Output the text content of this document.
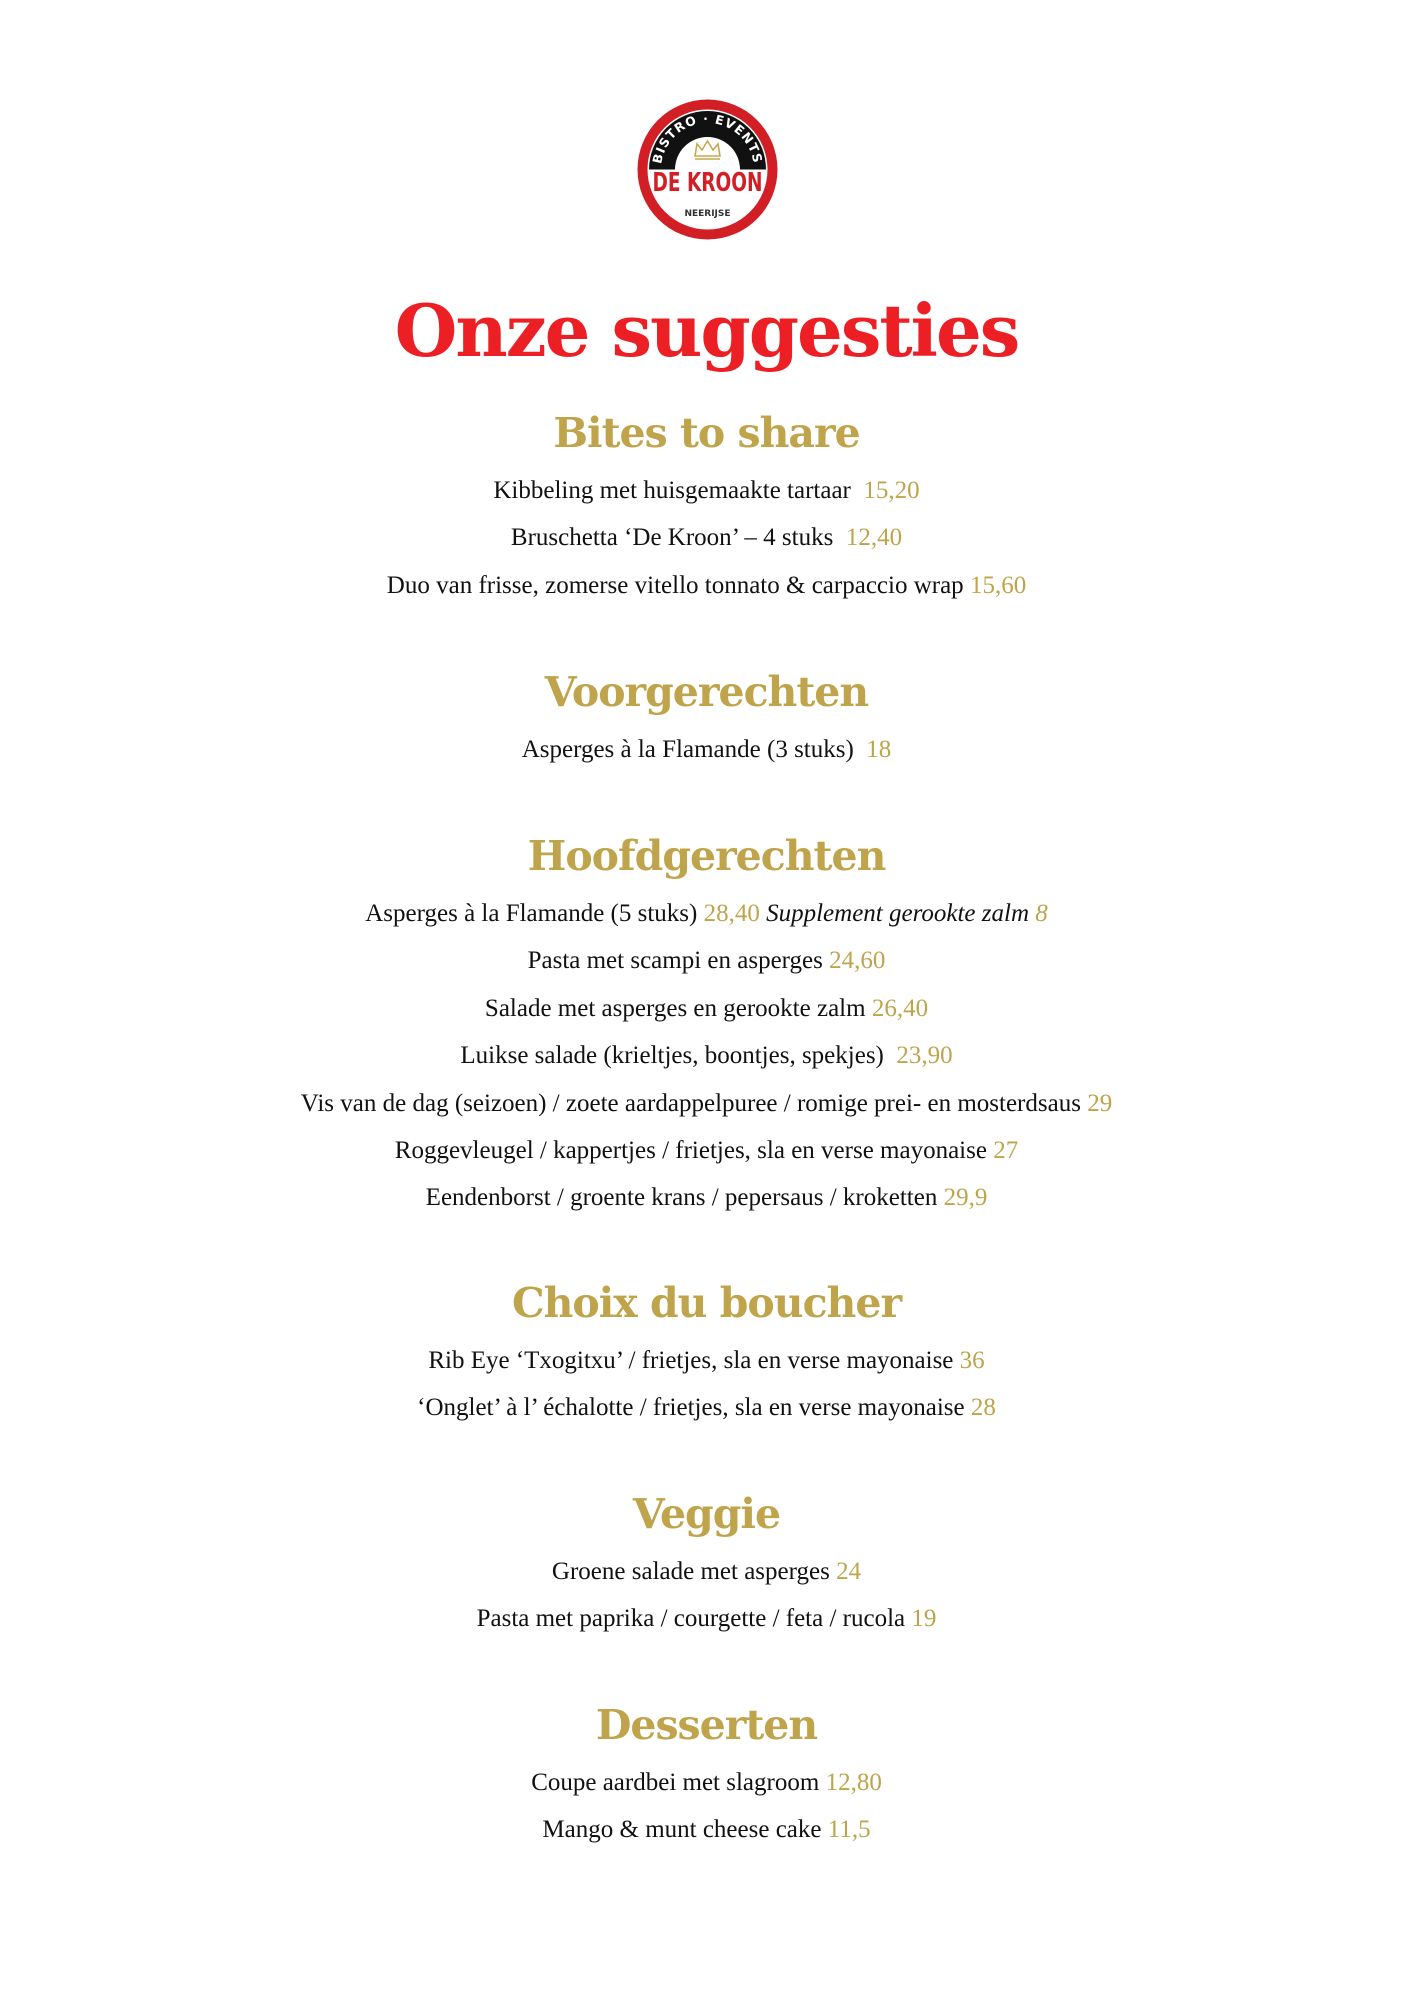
BISTRO · EVENTS
DE KROON
NEERIJSE
Onze suggesties
Bites to share
Kibbeling met huisgemaakte tartaar 15,20
Bruschetta ‘De Kroon’ – 4 stuks 12,40
Duo van frisse, zomerse vitello tonnato & carpaccio wrap 15,60
Voorgerechten
Asperges à la Flamande (3 stuks) 18
Hoofdgerechten
Asperges à la Flamande (5 stuks) 28,40 Supplement gerookte zalm 8
Pasta met scampi en asperges 24,60
Salade met asperges en gerookte zalm 26,40
Luikse salade (krieltjes, boontjes, spekjes) 23,90
Vis van de dag (seizoen) / zoete aardappelpuree / romige prei- en mosterdsaus 29
Roggevleugel / kappertjes / frietjes, sla en verse mayonaise 27
Eendenborst / groente krans / pepersaus / kroketten 29,9
Choix du boucher
Rib Eye ‘Txogitxu’ / frietjes, sla en verse mayonaise 36
‘Onglet’ à l’ échalotte / frietjes, sla en verse mayonaise 28
Veggie
Groene salade met asperges 24
Pasta met paprika / courgette / feta / rucola 19
Desserten
Coupe aardbei met slagroom 12,80
Mango & munt cheese cake 11,5
